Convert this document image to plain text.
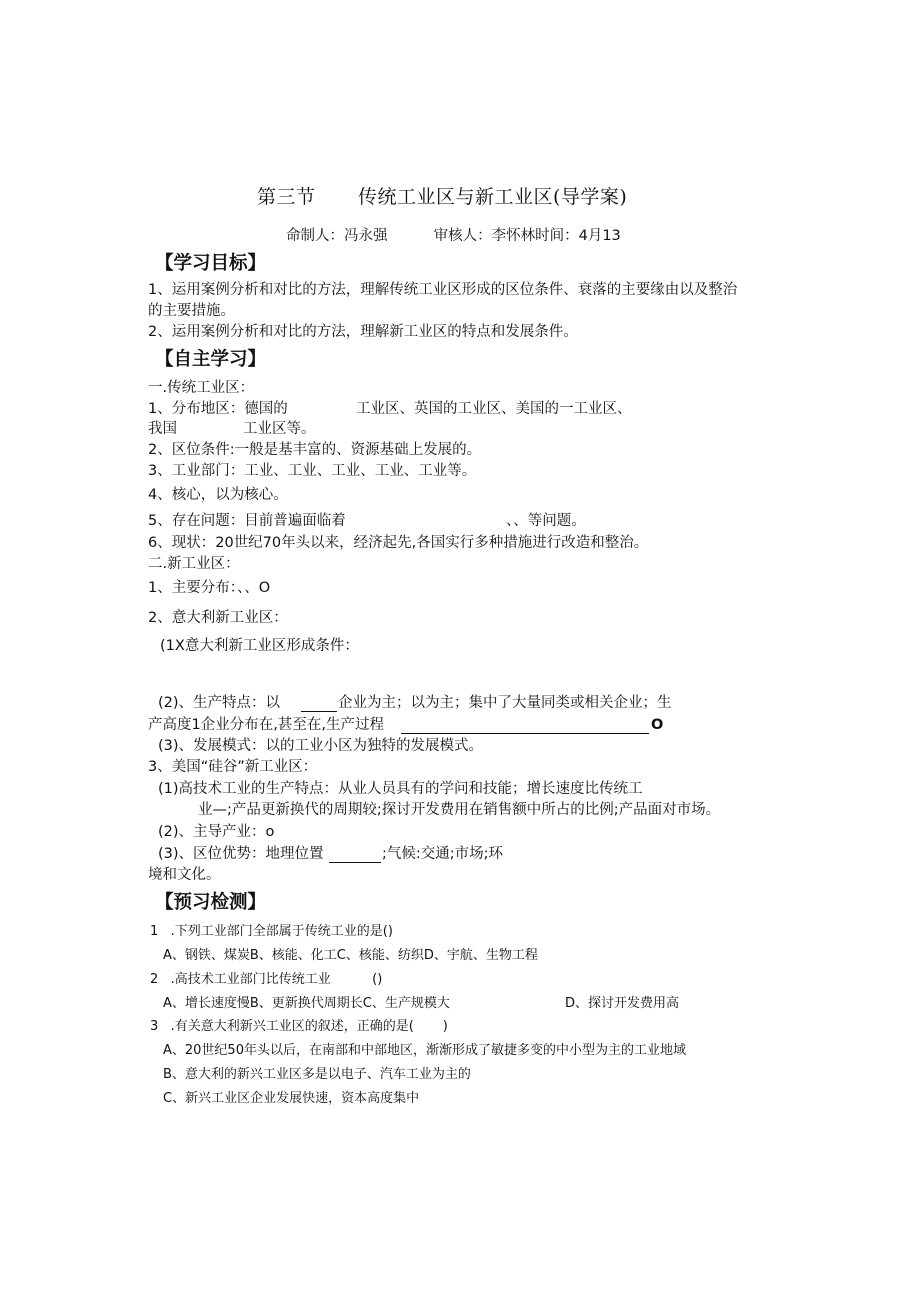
第三节 传统工业区与新工业区(导学案)
命制人：冯永强          审核人：李怀林时间：4月13
【学习目标】
1、运用案例分析和对比的方法，理解传统工业区形成的区位条件、衰落的主要缘由以及整治
的主要措施。
2、运用案例分析和对比的方法，理解新工业区的特点和发展条件。
【自主学习】
一.传统工业区：
1、分布地区：德国的	工业区、英国的工业区、美国的一工业区、
我国	工业区等。
2、区位条件:一般是基丰富的、资源基础上发展的。
3、工业部门：工业、工业、工业、工业、工业等。
4、核心，以为核心。
5、存在问题：目前普遍面临着	、、等问题。
6、现状：20世纪70年头以来，经济起先,各国实行多种措施进行改造和整治。
二.新工业区：
1、主要分布：、、O
2、意大利新工业区：
(1X意大利新工业区形成条件：
(2)、生产特点：以	企业为主；以为主；集中了大量同类或相关企业；生
产高度1企业分布在,甚至在,生产过程	O
(3)、发展模式：以的工业小区为独特的发展模式。
3、美国“硅谷”新工业区：
(1)高技术工业的生产特点：从业人员具有的学问和技能；增长速度比传统工
业—;产品更新换代的周期较;探讨开发费用在销售额中所占的比例;产品面对市场。
(2)、主导产业：o
(3)、区位优势：地理位置	;气候:交通;市场;环
境和文化。
【预习检测】
1   .下列工业部门全部属于传统工业的是()
A、钢铁、煤炭B、核能、化工C、核能、纺织D、宇航、生物工程
2   .高技术工业部门比传统工业          ()
A、增长速度慢B、更新换代周期长C、生产规模大	D、探讨开发费用高
3   .有关意大利新兴工业区的叙述，正确的是(       )
A、20世纪50年头以后，在南部和中部地区，渐渐形成了敏捷多变的中小型为主的工业地域
B、意大利的新兴工业区多是以电子、汽车工业为主的
C、新兴工业区企业发展快速，资本高度集中
